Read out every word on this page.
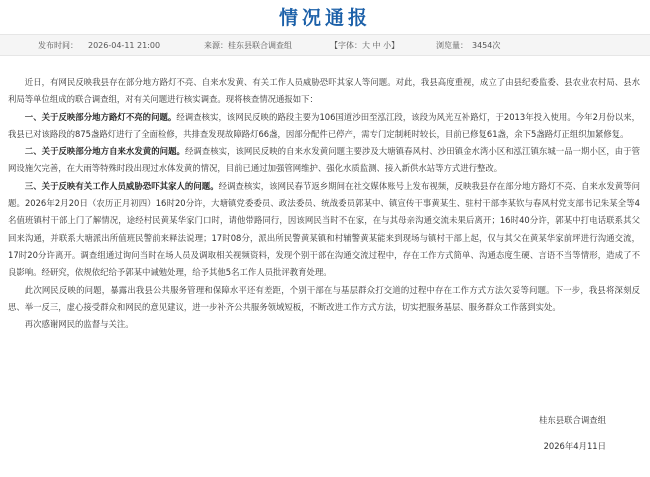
情况通报
发布时间： 2026-04-11 21:00	来源：桂东县联合调查组	【字体：大 中 小】	浏览量： 3454次

近日，有网民反映我县存在部分地方路灯不亮、自来水发黄、有关工作人员威胁恐吓其家人等问题。对此，我县高度重视，成立了由县纪委监委、县农业农村局、县水利局等单位组成的联合调查组，对有关问题进行核实调查。现将核查情况通报如下：

一、关于反映部分地方路灯不亮的问题。经调查核实，该网民反映的路段主要为106国道沙田至泓江段，该段为风光互补路灯，于2013年投入使用。今年2月份以来，我县已对该路段的875盏路灯进行了全面检修，共排查发现故障路灯66盏，因部分配件已停产，需专门定制耗时较长，目前已修复61盏，余下5盏路灯正组织加紧修复。

二、关于反映部分地方自来水发黄的问题。经调查核实，该网民反映的自来水发黄问题主要涉及大塘镇春风村、沙田镇金水湾小区和泓江镇东城一品一期小区，由于管网设施欠完善，在大雨等特殊时段出现过水体发黄的情况，目前已通过加强管网维护、强化水质监测、接入新供水站等方式进行整改。

三、关于反映有关工作人员威胁恐吓其家人的问题。经调查核实，该网民春节返乡期间在社交媒体账号上发布视频，反映我县存在部分地方路灯不亮、自来水发黄等问题。2026年2月20日（农历正月初四）16时20分许，大塘镇党委委员、政法委员、统战委员郭某中、镇宣传干事黄某生、驻村干部李某钦与春风村党支部书记朱某全等4名值班镇村干部上门了解情况，途经村民黄某华家门口时，请他带路同行，因该网民当时不在家，在与其母亲沟通交流未果后离开；16时40分许，郭某中打电话联系其父回来沟通，并联系大塘派出所值班民警前来释法说理；17时08分，派出所民警黄某镇和村辅警黄某能来到现场与镇村干部上起，仅与其父在黄某华家前坪进行沟通交流，17时20分许离开。调查组通过询问当时在场人员及调取相关视频资料，发现个别干部在沟通交流过程中，存在工作方式简单、沟通态度生硬、言语不当等情形，造成了不良影响。经研究，依规依纪给予郭某中诫勉处理，给予其他5名工作人员批评教育处理。

此次网民反映的问题，暴露出我县公共服务管理和保障水平还有差距，个别干部在与基层群众打交道的过程中存在工作方式方法欠妥等问题。下一步，我县将深刻反思、举一反三，虚心接受群众和网民的意见建议，进一步补齐公共服务领域短板，不断改进工作方式方法，切实把服务基层、服务群众工作落到实处。

再次感谢网民的监督与关注。

桂东县联合调查组
2026年4月11日
